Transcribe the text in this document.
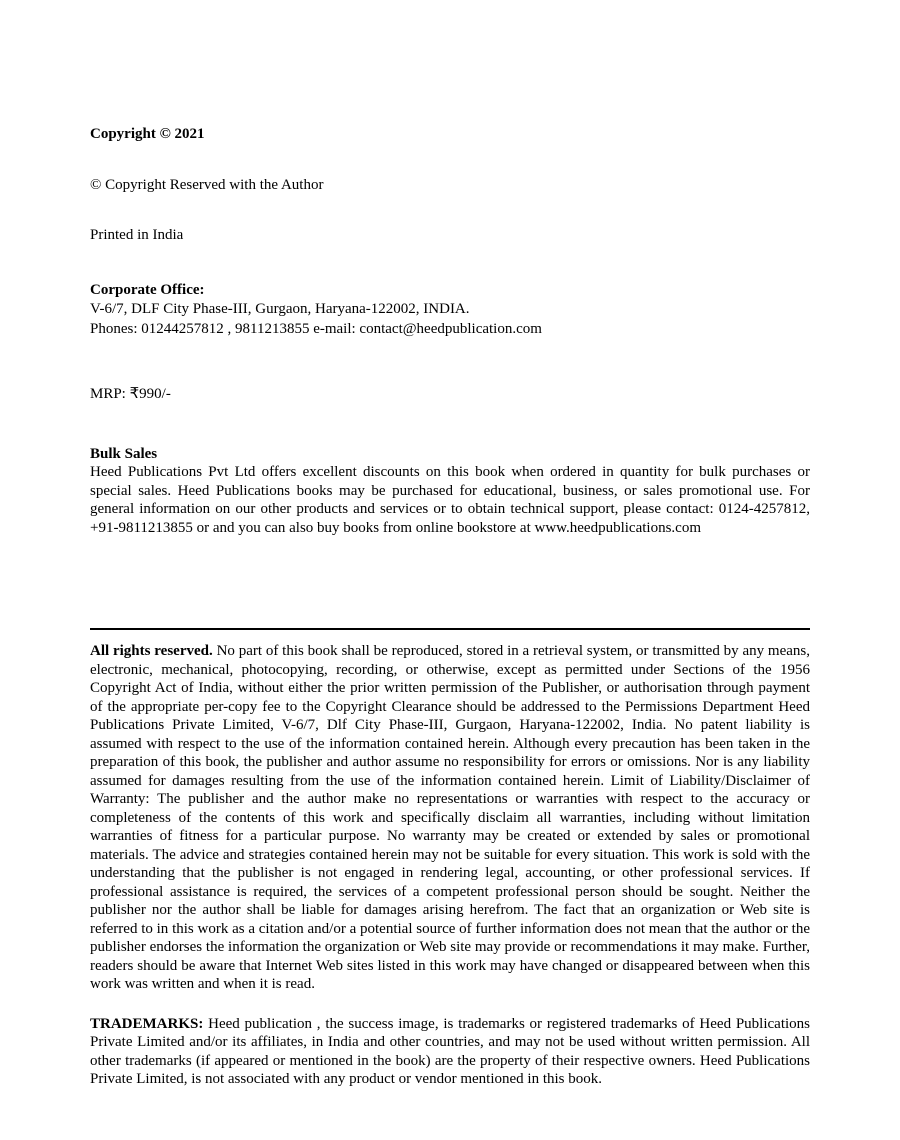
Copyright © 2021

© Copyright Reserved with the Author

Printed in India

Corporate Office:

V-6/7, DLF City Phase-III, Gurgaon, Haryana-122002, INDIA.

Phones: 01244257812 , 9811213855 e-mail: contact@heedpublication.com

MRP: ₹990/-

Bulk Sales

Heed Publications Pvt Ltd offers excellent discounts on this book when ordered in quantity for bulk purchases or special sales. Heed Publications books may be purchased for educational, business, or sales promotional use. For general information on our other products and services or to obtain technical support, please contact: 0124-4257812, +91-9811213855 or and you can also buy books from online bookstore at www.heedpublications.com

All rights reserved. No part of this book shall be reproduced, stored in a retrieval system, or transmitted by any means, electronic, mechanical, photocopying, recording, or otherwise, except as permitted under Sections of the 1956 Copyright Act of India, without either the prior written permission of the Publisher, or authorisation through payment of the appropriate per-copy fee to the Copyright Clearance should be addressed to the Permissions Department Heed Publications Private Limited, V-6/7, Dlf City Phase-III, Gurgaon, Haryana-122002, India. No patent liability is assumed with respect to the use of the information contained herein. Although every precaution has been taken in the preparation of this book, the publisher and author assume no responsibility for errors or omissions. Nor is any liability assumed for damages resulting from the use of the information contained herein. Limit of Liability/Disclaimer of Warranty: The publisher and the author make no representations or warranties with respect to the accuracy or completeness of the contents of this work and specifically disclaim all warranties, including without limitation warranties of fitness for a particular purpose. No warranty may be created or extended by sales or promotional materials. The advice and strategies contained herein may not be suitable for every situation. This work is sold with the understanding that the publisher is not engaged in rendering legal, accounting, or other professional services. If professional assistance is required, the services of a competent professional person should be sought. Neither the publisher nor the author shall be liable for damages arising herefrom. The fact that an organization or Web site is referred to in this work as a citation and/or a potential source of further information does not mean that the author or the publisher endorses the information the organization or Web site may provide or recommendations it may make. Further, readers should be aware that Internet Web sites listed in this work may have changed or disappeared between when this work was written and when it is read.

TRADEMARKS: Heed publication , the success image, is trademarks or registered trademarks of Heed Publications Private Limited and/or its affiliates, in India and other countries, and may not be used without written permission. All other trademarks (if appeared or mentioned in the book) are the property of their respective owners. Heed Publications Private Limited, is not associated with any product or vendor mentioned in this book.
